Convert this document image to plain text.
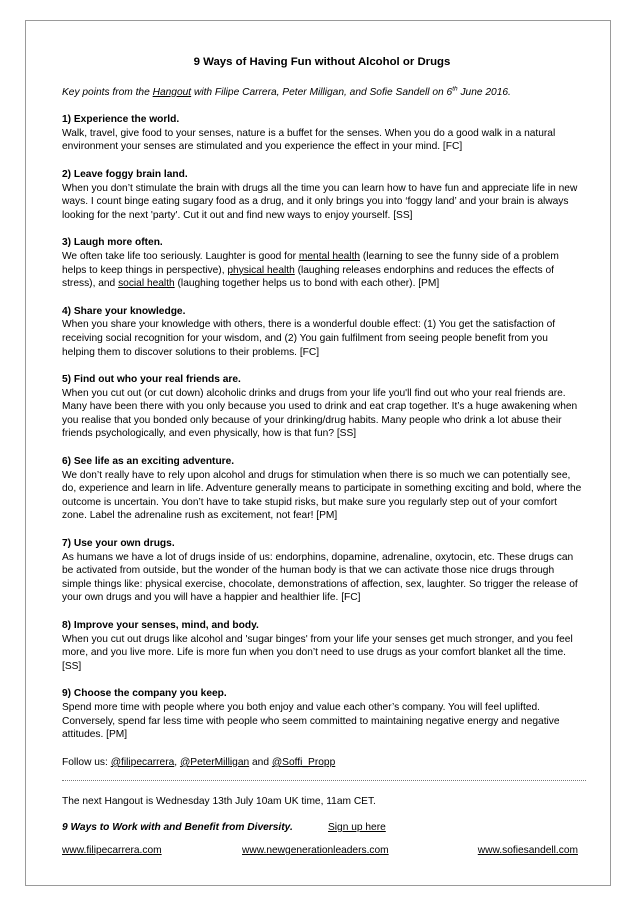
9 Ways of Having Fun without Alcohol or Drugs
Key points from the Hangout with Filipe Carrera, Peter Milligan, and Sofie Sandell on 6th June 2016.
1) Experience the world.
Walk, travel, give food to your senses, nature is a buffet for the senses. When you do a good walk in a natural environment your senses are stimulated and you experience the effect in your mind. [FC]
2) Leave foggy brain land.
When you don’t stimulate the brain with drugs all the time you can learn how to have fun and appreciate life in new ways. I count binge eating sugary food as a drug, and it only brings you into ‘foggy land’ and your brain is always looking for the next 'party'. Cut it out and find new ways to enjoy yourself. [SS]
3) Laugh more often.
We often take life too seriously. Laughter is good for mental health (learning to see the funny side of a problem helps to keep things in perspective), physical health (laughing releases endorphins and reduces the effects of stress), and social health (laughing together helps us to bond with each other). [PM]
4) Share your knowledge.
When you share your knowledge with others, there is a wonderful double effect: (1) You get the satisfaction of receiving social recognition for your wisdom, and (2) You gain fulfilment from seeing people benefit from you helping them to discover solutions to their problems. [FC]
5) Find out who your real friends are.
When you cut out (or cut down) alcoholic drinks and drugs from your life you'll find out who your real friends are. Many have been there with you only because you used to drink and eat crap together. It’s a huge awakening when you realise that you bonded only because of your drinking/drug habits. Many people who drink a lot abuse their friends psychologically, and even physically, how is that fun? [SS]
6) See life as an exciting adventure.
We don’t really have to rely upon alcohol and drugs for stimulation when there is so much we can potentially see, do, experience and learn in life. Adventure generally means to participate in something exciting and bold, where the outcome is uncertain. You don’t have to take stupid risks, but make sure you regularly step out of your comfort zone. Label the adrenaline rush as excitement, not fear! [PM]
7) Use your own drugs.
As humans we have a lot of drugs inside of us: endorphins, dopamine, adrenaline, oxytocin, etc. These drugs can be activated from outside, but the wonder of the human body is that we can activate those nice drugs through simple things like: physical exercise, chocolate, demonstrations of affection, sex, laughter. So trigger the release of your own drugs and you will have a happier and healthier life. [FC]
8) Improve your senses, mind, and body.
When you cut out drugs like alcohol and 'sugar binges' from your life your senses get much stronger, and you feel more, and you live more. Life is more fun when you don’t need to use drugs as your comfort blanket all the time. [SS]
9) Choose the company you keep.
Spend more time with people where you both enjoy and value each other’s company. You will feel uplifted. Conversely, spend far less time with people who seem committed to maintaining negative energy and negative attitudes. [PM]
Follow us: @filipecarrera, @PeterMilligan and @Soffi_Propp
The next Hangout is Wednesday 13th July 10am UK time, 11am CET.
9 Ways to Work with and Benefit from Diversity.	Sign up here
www.filipecarrera.com	www.newgenerationleaders.com	www.sofiesandell.com
